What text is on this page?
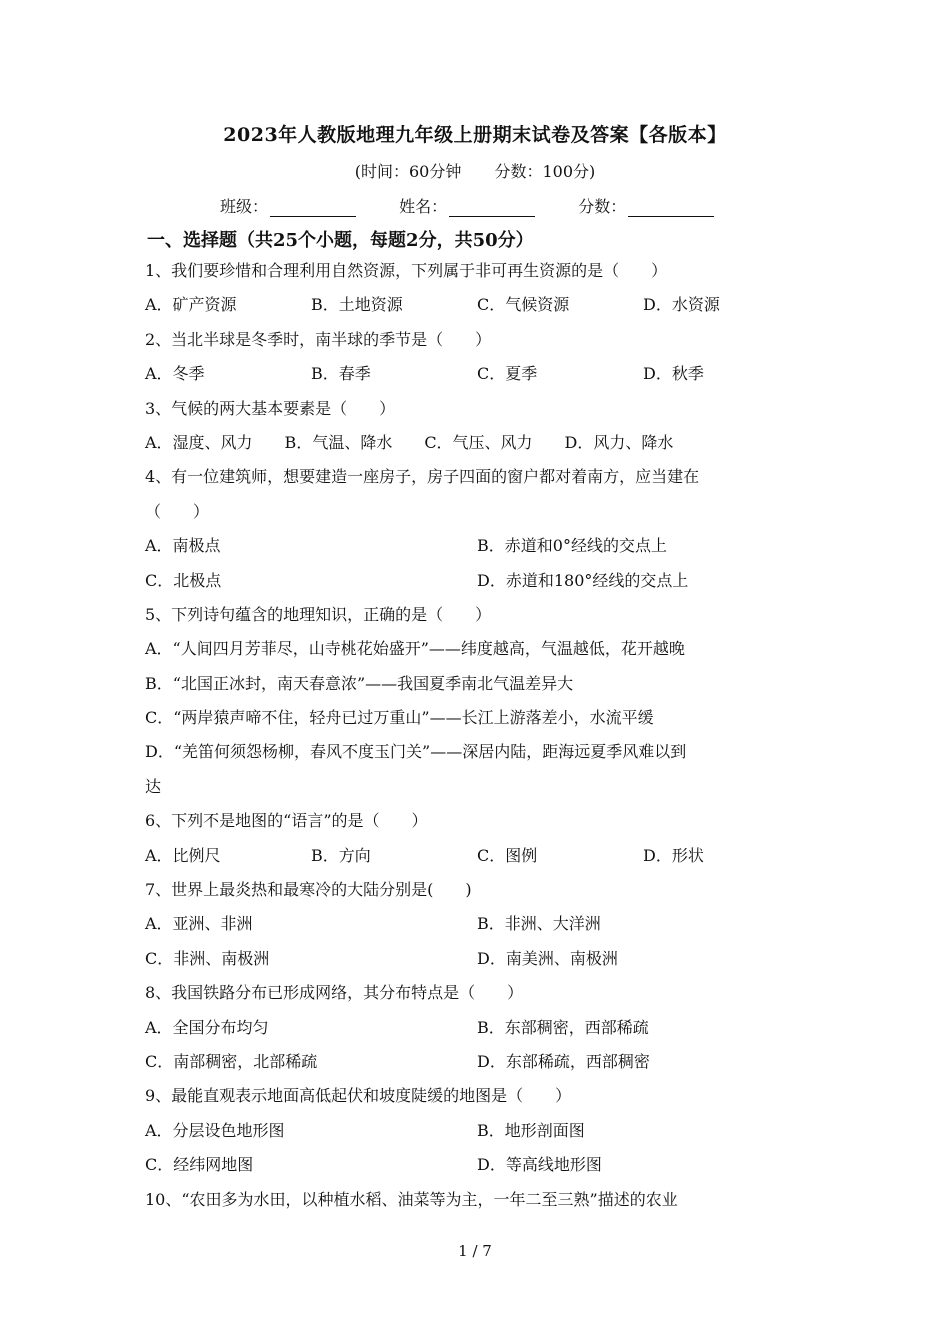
2023年人教版地理九年级上册期末试卷及答案【各版本】
(时间：60分钟 分数：100分)
班级：	姓名：	分数：
一、选择题（共25个小题，每题2分，共50分）
1、我们要珍惜和合理利用自然资源，下列属于非可再生资源的是（　　）
A．矿产资源	B．土地资源	C．气候资源	D．水资源
2、当北半球是冬季时，南半球的季节是（　　）
A．冬季	B．春季	C．夏季	D．秋季
3、气候的两大基本要素是（　　）
A．湿度、风力　　B．气温、降水　　C．气压、风力　　D．风力、降水
4、有一位建筑师，想要建造一座房子，房子四面的窗户都对着南方，应当建在
（　　）
A．南极点	B．赤道和0°经线的交点上
C．北极点	D．赤道和180°经线的交点上
5、下列诗句蕴含的地理知识，正确的是（　　）
A．“人间四月芳菲尽，山寺桃花始盛开”——纬度越高，气温越低，花开越晚
B．“北国正冰封，南天春意浓”——我国夏季南北气温差异大
C．“两岸猿声啼不住，轻舟已过万重山”——长江上游落差小，水流平缓
D．“羌笛何须怨杨柳，春风不度玉门关”——深居内陆，距海远夏季风难以到
达
6、下列不是地图的“语言”的是（　　）
A．比例尺	B．方向	C．图例	D．形状
7、世界上最炎热和最寒冷的大陆分别是(　　)
A．亚洲、非洲	B．非洲、大洋洲
C．非洲、南极洲	D．南美洲、南极洲
8、我国铁路分布已形成网络，其分布特点是（　　）
A．全国分布均匀	B．东部稠密，西部稀疏
C．南部稠密，北部稀疏	D．东部稀疏，西部稠密
9、最能直观表示地面高低起伏和坡度陡缓的地图是（　　）
A．分层设色地形图	B．地形剖面图
C．经纬网地图	D．等高线地形图
10、“农田多为水田，以种植水稻、油菜等为主，一年二至三熟”描述的农业
1 / 7
